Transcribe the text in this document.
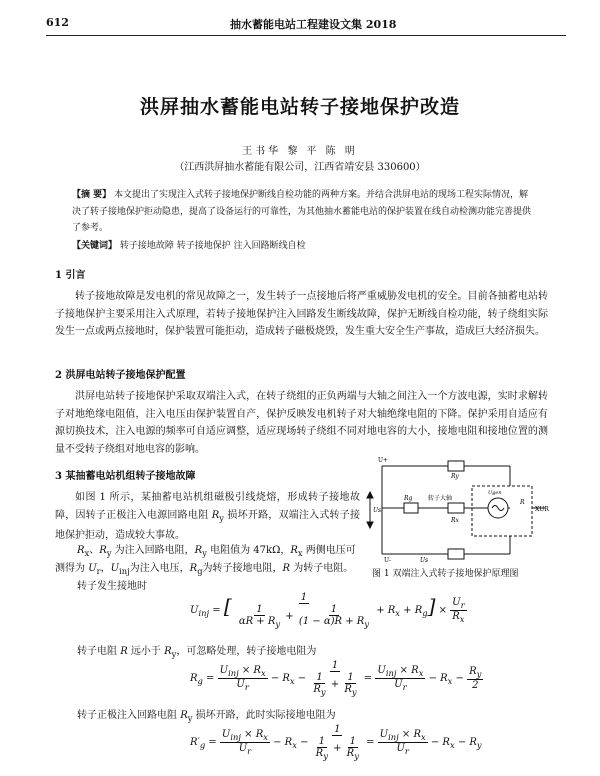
612	抽水蓄能电站工程建设文集 2018
洪屏抽水蓄能电站转子接地保护改造
王书华 黎 平 陈 明
（江西洪屏抽水蓄能有限公司，江西省靖安县 330600）
【摘 要】 本文提出了实现注入式转子接地保护断线自检功能的两种方案。并结合洪屏电站的现场工程实际情况，解决了转子接地保护拒动隐患，提高了设备运行的可靠性，为其他抽水蓄能电站的保护装置在线自动检测功能完善提供了参考。
【关键词】 转子接地故障 转子接地保护 注入回路断线自检
1 引言
转子接地故障是发电机的常见故障之一，发生转子一点接地后将严重威胁发电机的安全。目前各抽蓄电站转子接地保护主要采用注入式原理，若转子接地保护注入回路发生断线故障，保护无断线自检功能，转子绕组实际发生一点或两点接地时，保护装置可能拒动，造成转子磁极烧毁，发生重大安全生产事故，造成巨大经济损失。
2 洪屏电站转子接地保护配置
洪屏电站转子接地保护采取双端注入式，在转子绕组的正负两端与大轴之间注入一个方波电源，实时求解转子对地绝缘电阻值，注入电压由保护装置自产，保护反映发电机转子对大轴绝缘电阻的下降。保护采用自适应有源切换技术，注入电源的频率可自适应调整，适应现场转子绕组不同对地电容的大小，接地电阻和接地位置的测量不受转子绕组对地电容的影响。
3 某抽蓄电站机组转子接地故障
如图 1 所示，某抽蓄电站机组磁极引线烧熔，形成转子接地故障，因转子正极注入电源回路电阻 $R_y$ 损坏开路，双端注入式转子接地保护拒动，造成较大事故。
$R_x$、$R_y$ 为注入回路电阻，$R_y$ 电阻值为 47kΩ，$R_x$ 两侧电压可
测得为 $U_r$，$U_{inj}$为注入电压，$R_g$为转子接地电阻，R 为转子电阻。
转子发生接地时
U+
Ry
Rg	转子大轴
Rx
Ugen
R
XUR
Us
U-	Us
图 1 双端注入式转子接地保护原理图
$U_{inj}$ = [ $\frac{1}{\frac{1}{\alpha R + R_y} + \frac{1}{(1 - \alpha)R + R_y}} + R_x + R_g] \times \frac{U_r}{R_x}$
转子电阻 R 远小于 $R_y$，可忽略处理，转子接地电阻为
$R_g = \frac{U_{inj} \times R_x}{U_r} - R_x - \frac{1}{\frac{1}{R_y} + \frac{1}{R_y}} = \frac{U_{inj} \times R_x}{U_r} - R_x - \frac{R_y}{2}$
转子正极注入回路电阻 $R_y$ 损坏开路，此时实际接地电阻为
$R'_g = \frac{U_{inj} \times R_x}{U_r} - R_x - \frac{1}{\frac{1}{R_y} + \frac{1}{R_y}} = \frac{U_{inj} \times R_x}{U_r} - R_x - R_y$
